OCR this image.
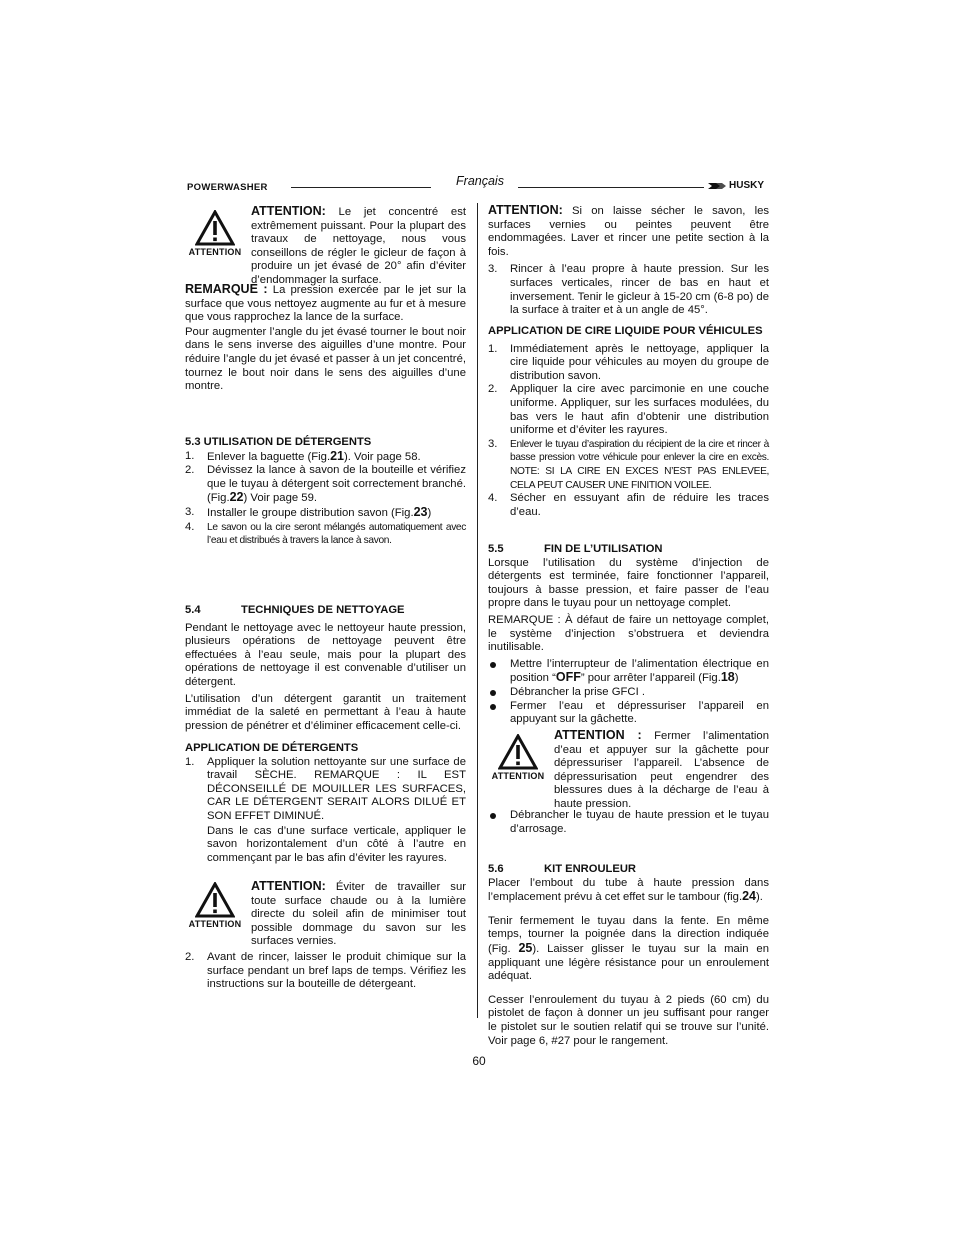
POWERWASHER	Français	HUSKY
ATTENTION

ATTENTION: Le jet concentré est extrêmement puissant. Pour la plupart des travaux de nettoyage, nous vous conseillons de régler le gicleur de façon à produire un jet évasé de 20° afin d’éviter d’endommager la surface.

REMARQUE : La pression exercée par le jet sur la surface que vous nettoyez augmente au fur et à mesure que vous rapprochez la lance de la surface.

Pour augmenter l’angle du jet évasé tourner le bout noir dans le sens inverse des aiguilles d’une montre. Pour réduire l’angle du jet évasé et passer à un jet concentré, tournez le bout noir dans le sens des aiguilles d’une montre.

5.3 UTILISATION DE DÉTERGENTS

1. Enlever la baguette (Fig.21). Voir page 58.
2. Dévissez la lance à savon de la bouteille et vérifiez que le tuyau à détergent soit correctement branché. (Fig.22) Voir page 59.
3. Installer le groupe distribution savon (Fig.23)
4. Le savon ou la cire seront mélangés automatiquement avec l’eau et distribués à travers la lance à savon.

5.4	TECHNIQUES DE NETTOYAGE

Pendant le nettoyage avec le nettoyeur haute pression, plusieurs opérations de nettoyage peuvent être effectuées à l’eau seule, mais pour la plupart des opérations de nettoyage il est convenable d’utiliser un détergent.

L’utilisation d’un détergent garantit un traitement immédiat de la saleté en permettant à l’eau à haute pression de pénétrer et d’éliminer efficacement celle-ci.

APPLICATION DE DÉTERGENTS

1. Appliquer la solution nettoyante sur une surface de travail SÈCHE. REMARQUE : IL EST DÉCONSEILLÉ DE MOUILLER LES SURFACES, CAR LE DÉTERGENT SERAIT ALORS DILUÉ ET SON EFFET DIMINUÉ.
Dans le cas d’une surface verticale, appliquer le savon horizontalement d’un côté à l’autre en commençant par le bas afin d’éviter les rayures.
ATTENTION

ATTENTION: Éviter de travailler sur toute surface chaude ou à la lumière directe du soleil afin de minimiser tout possible dommage du savon sur les surfaces vernies.

2. Avant de rincer, laisser le produit chimique sur la surface pendant un bref laps de temps. Vérifiez les instructions sur la bouteille de détergeant.

ATTENTION: Si on laisse sécher le savon, les surfaces vernies ou peintes peuvent être endommagées. Laver et rincer une petite section à la fois.

3. Rincer à l’eau propre à haute pression. Sur les surfaces verticales, rincer de bas en haut et inversement. Tenir le gicleur à 15-20 cm (6-8 po) de la surface à traiter et à un angle de 45°.

APPLICATION DE CIRE LIQUIDE POUR VÉHICULES

1. Immédiatement après le nettoyage, appliquer la cire liquide pour véhicules au moyen du groupe de distribution savon.
2. Appliquer la cire avec parcimonie en une couche uniforme. Appliquer, sur les surfaces modulées, du bas vers le haut afin d’obtenir une distribution uniforme et d’éviter les rayures.
3. Enlever le tuyau d’aspiration du récipient de la cire et rincer à basse pression votre véhicule pour enlever la cire en excès. NOTE: SI LA CIRE EN EXCES N’EST PAS ENLEVEE, CELA PEUT CAUSER UNE FINITION VOILEE.
4. Sécher en essuyant afin de réduire les traces d’eau.

5.5	FIN DE L’UTILISATION

Lorsque l’utilisation du système d’injection de détergents est terminée, faire fonctionner l’appareil, toujours à basse pression, et faire passer de l’eau propre dans le tuyau pour un nettoyage complet.

REMARQUE : À défaut de faire un nettoyage complet, le système d’injection s’obstruera et deviendra inutilisable.

Mettre l’interrupteur de l’alimentation électrique en position “OFF” pour arrêter l’appareil (Fig.18)
Débrancher la prise GFCI .
Fermer l’eau et dépressuriser l’appareil en appuyant sur la gâchette.
ATTENTION

ATTENTION : Fermer l’alimentation d’eau et appuyer sur la gâchette pour dépressuriser l’appareil. L’absence de dépressurisation peut engendrer des blessures dues à la décharge de l’eau à haute pression.

Débrancher le tuyau de haute pression et le tuyau d’arrosage.

5.6	KIT ENROULEUR

Placer l’embout du tube à haute pression dans l’emplacement prévu à cet effet sur le tambour (fig.24).

Tenir fermement le tuyau dans la fente. En même temps, tourner la poignée dans la direction indiquée (Fig. 25). Laisser glisser le tuyau sur la main en appliquant une légère résistance pour un enroulement adéquat.

Cesser l’enroulement du tuyau à 2 pieds (60 cm) du pistolet de façon à donner un jeu suffisant pour ranger le pistolet sur le soutien relatif qui se trouve sur l’unité. Voir page 6, #27 pour le rangement.

60
